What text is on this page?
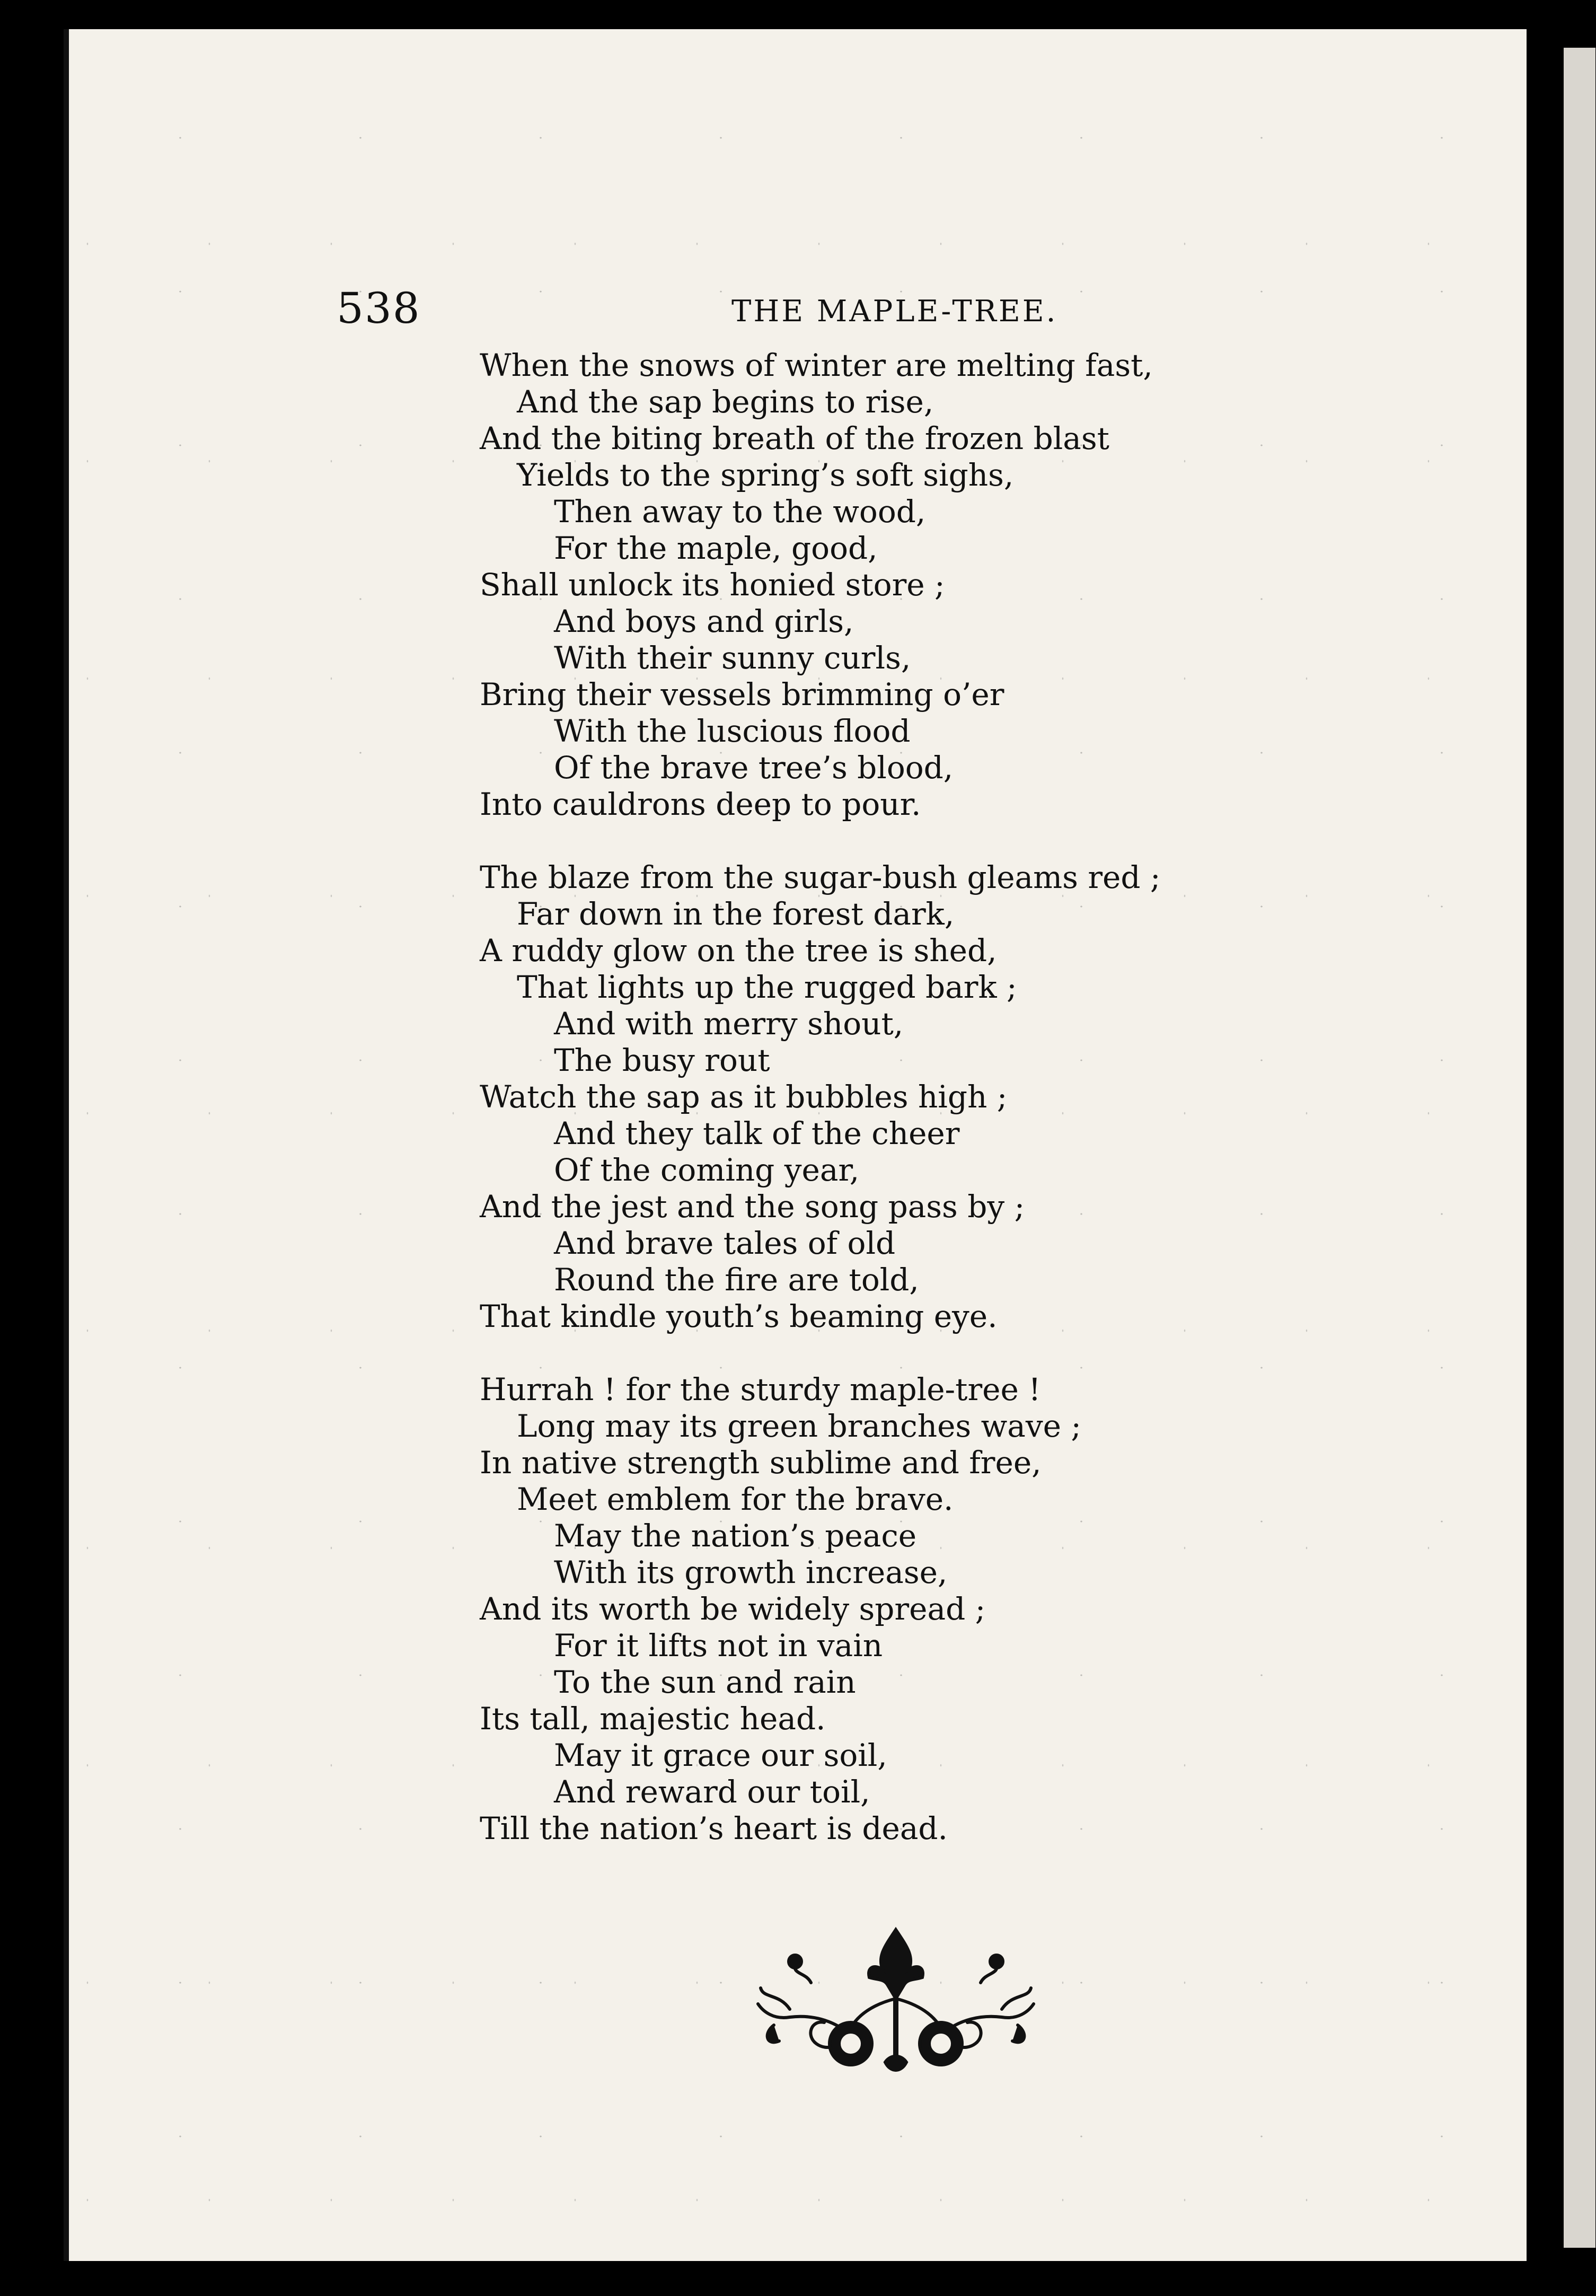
538	THE MAPLE-TREE.
When the snows of winter are melting fast,
And the sap begins to rise,
And the biting breath of the frozen blast
Yields to the spring’s soft sighs,
Then away to the wood,
For the maple, good,
Shall unlock its honied store ;
And boys and girls,
With their sunny curls,
Bring their vessels brimming o’er
With the luscious flood
Of the brave tree’s blood,
Into cauldrons deep to pour.
The blaze from the sugar-bush gleams red ;
Far down in the forest dark,
A ruddy glow on the tree is shed,
That lights up the rugged bark ;
And with merry shout,
The busy rout
Watch the sap as it bubbles high ;
And they talk of the cheer
Of the coming year,
And the jest and the song pass by ;
And brave tales of old
Round the fire are told,
That kindle youth’s beaming eye.
Hurrah ! for the sturdy maple-tree !
Long may its green branches wave ;
In native strength sublime and free,
Meet emblem for the brave.
May the nation’s peace
With its growth increase,
And its worth be widely spread ;
For it lifts not in vain
To the sun and rain
Its tall, majestic head.
May it grace our soil,
And reward our toil,
Till the nation’s heart is dead.
